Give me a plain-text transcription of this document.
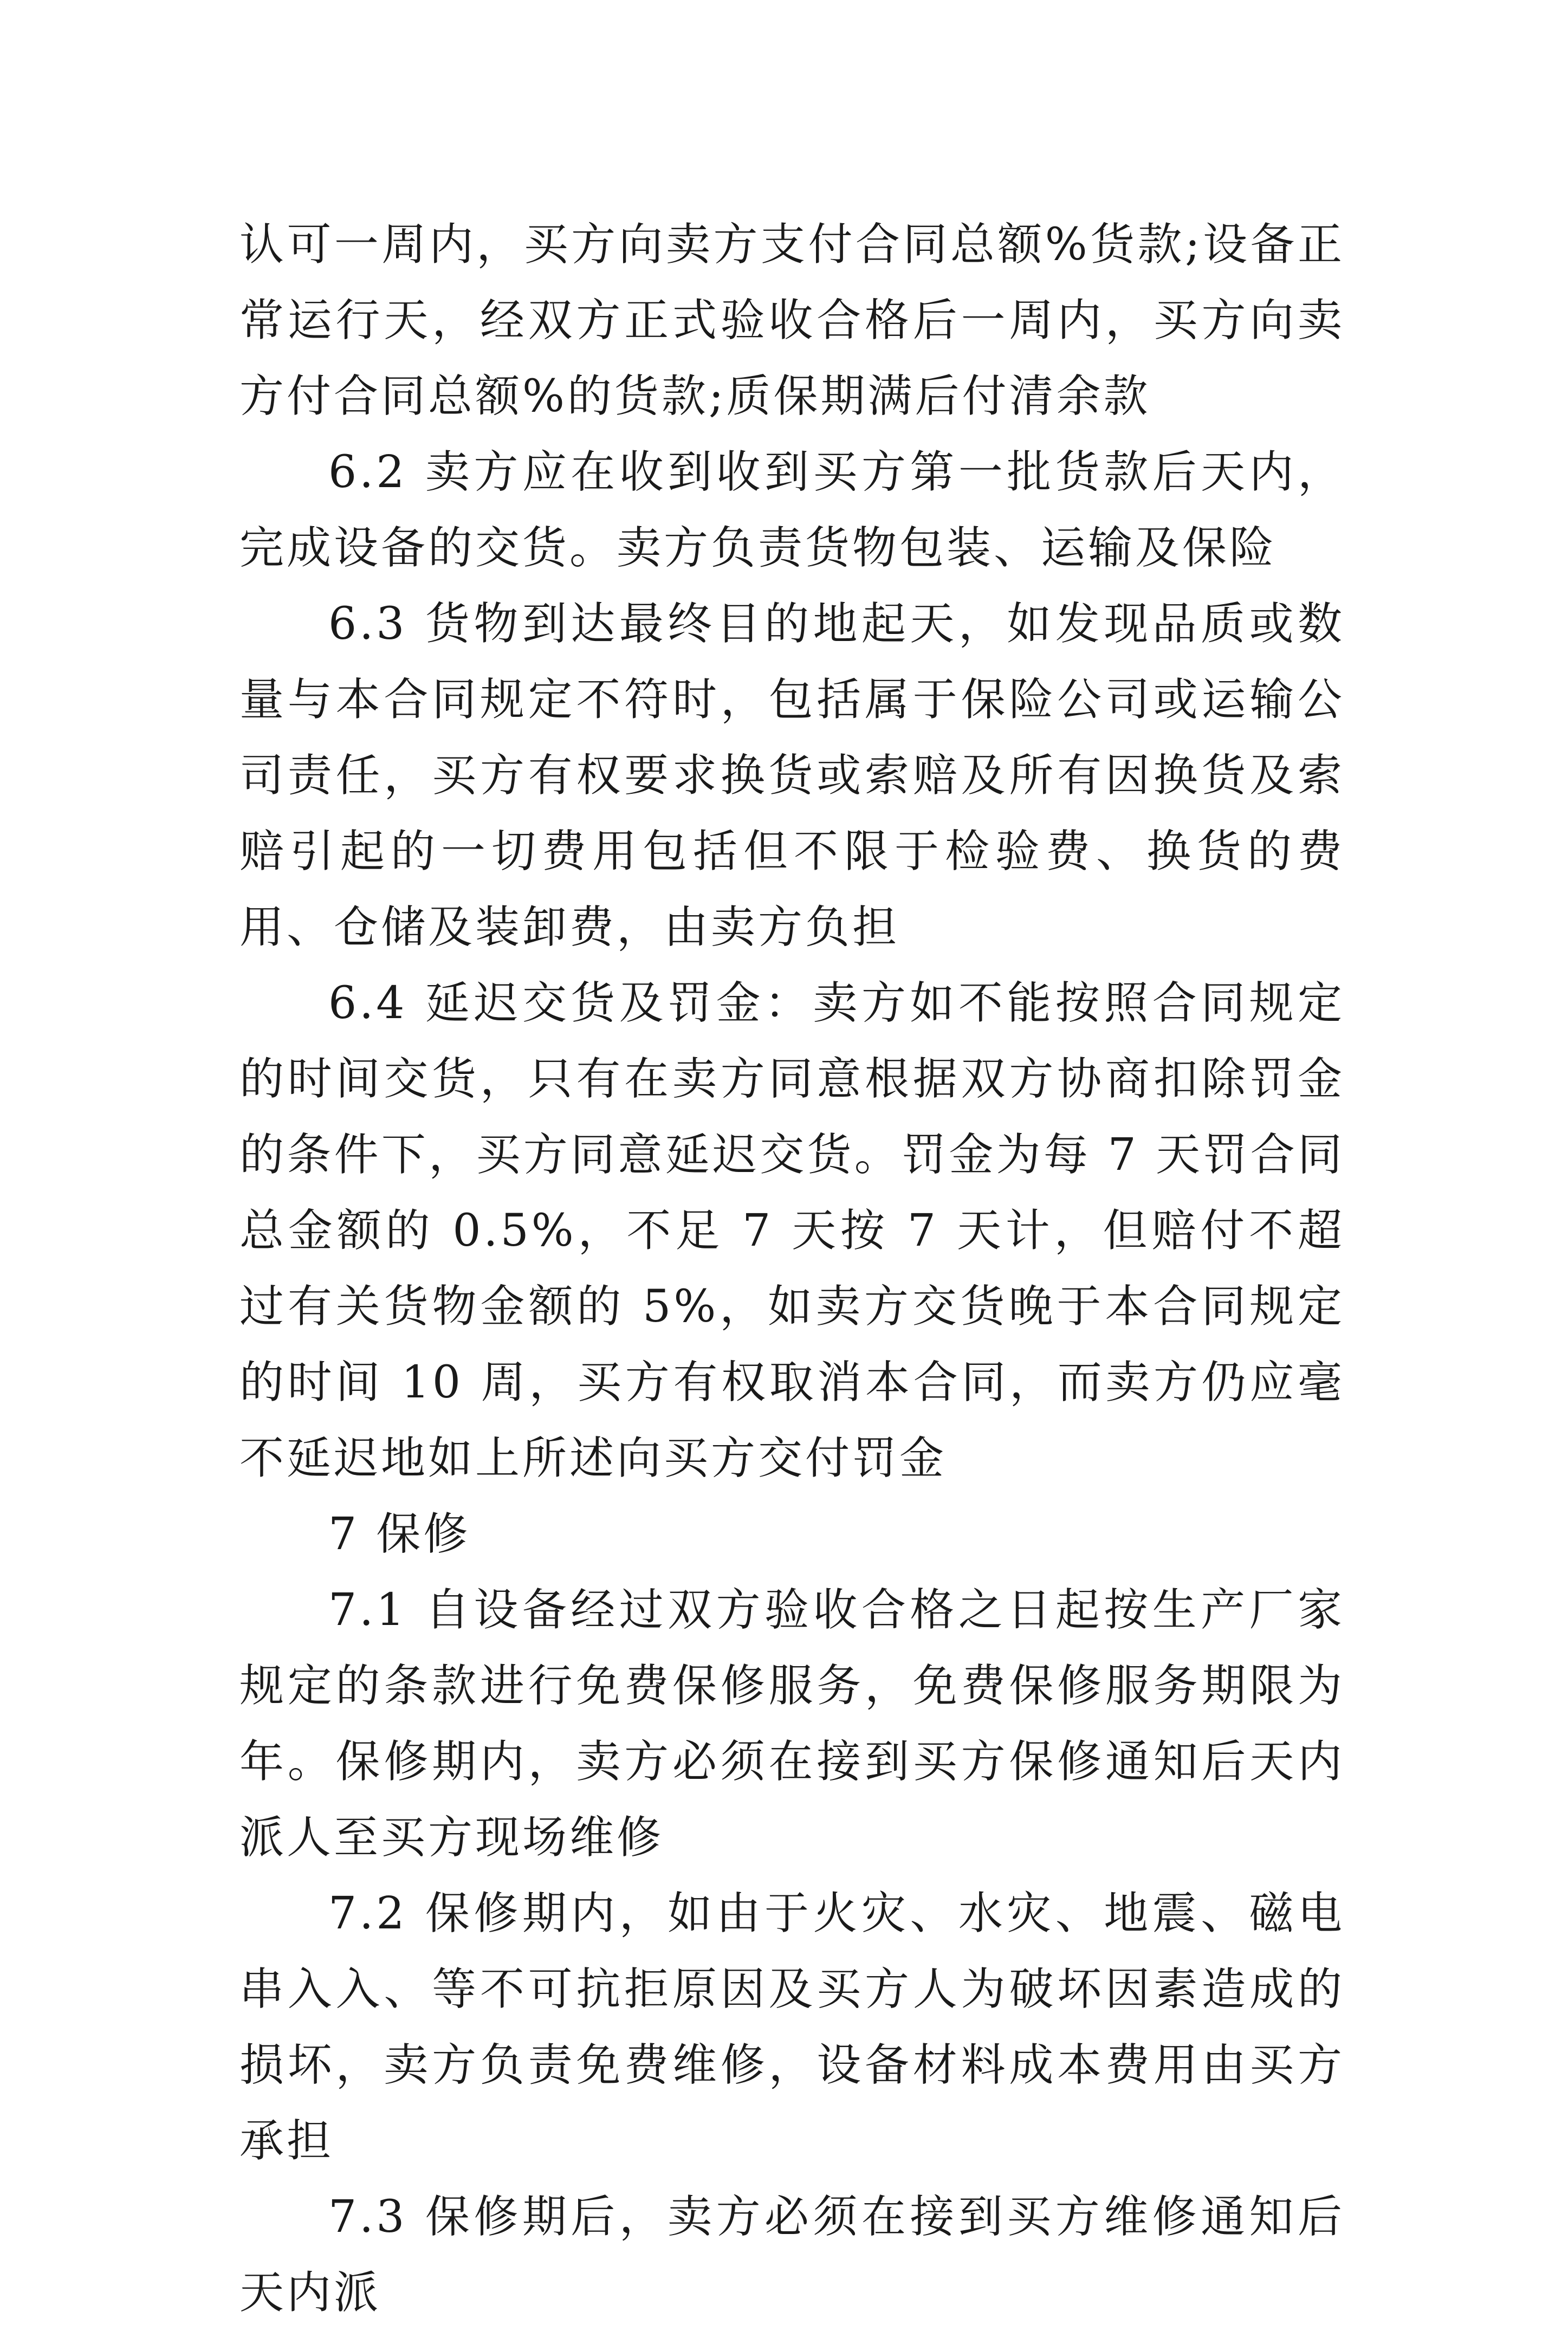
认可一周内，买方向卖方支付合同总额%货款;设备正常运行天，经双方正式验收合格后一周内，买方向卖方付合同总额%的货款;质保期满后付清余款

6.2 卖方应在收到收到买方第一批货款后天内，完成设备的交货。卖方负责货物包装、运输及保险

6.3 货物到达最终目的地起天，如发现品质或数量与本合同规定不符时，包括属于保险公司或运输公司责任，买方有权要求换货或索赔及所有因换货及索赔引起的一切费用包括但不限于检验费、换货的费用、仓储及装卸费，由卖方负担

6.4 延迟交货及罚金：卖方如不能按照合同规定的时间交货，只有在卖方同意根据双方协商扣除罚金的条件下，买方同意延迟交货。罚金为每 7 天罚合同总金额的 0.5%，不足 7 天按 7 天计，但赔付不超过有关货物金额的 5%，如卖方交货晚于本合同规定的时间 10 周，买方有权取消本合同，而卖方仍应毫不延迟地如上所述向买方交付罚金

7 保修

7.1 自设备经过双方验收合格之日起按生产厂家规定的条款进行免费保修服务，免费保修服务期限为年。保修期内，卖方必须在接到买方保修通知后天内派人至买方现场维修

7.2 保修期内，如由于火灾、水灾、地震、磁电串入入、等不可抗拒原因及买方人为破坏因素造成的损坏，卖方负责免费维修，设备材料成本费用由买方承担

7.3 保修期后，卖方必须在接到买方维修通知后天内派
